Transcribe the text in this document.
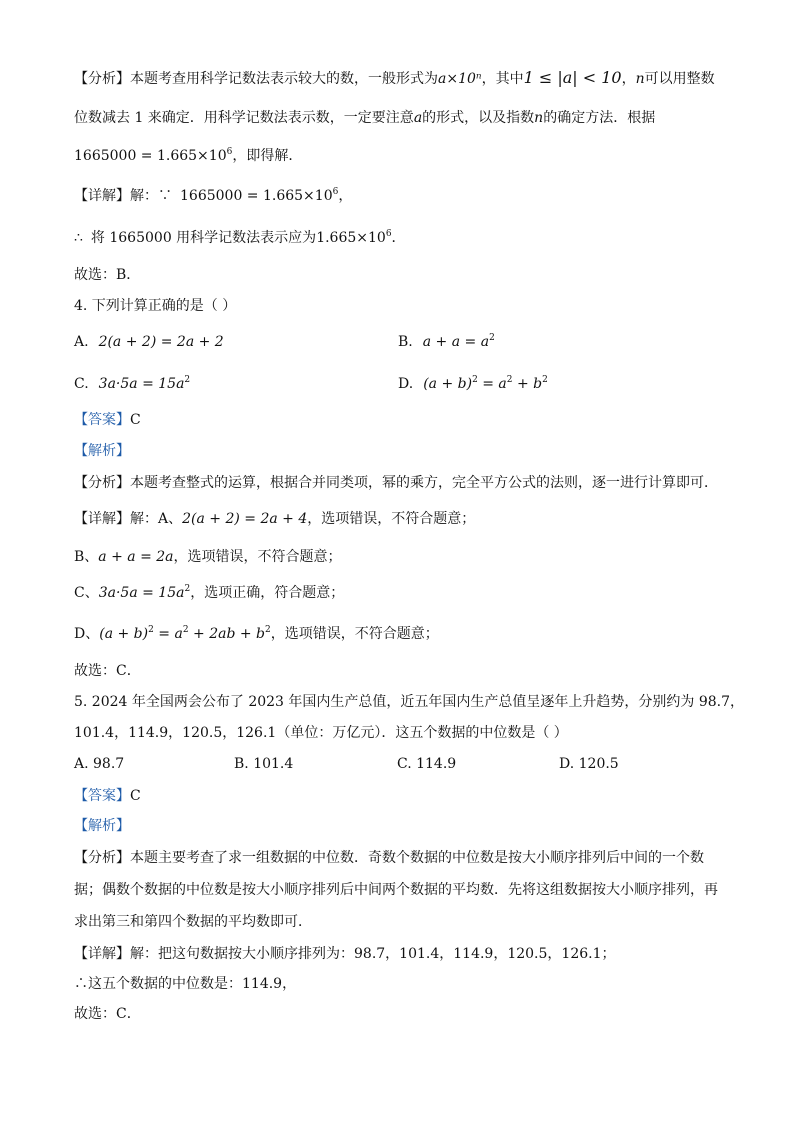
【分析】本题考查用科学记数法表示较大的数，一般形式为a×10ⁿ，其中1 ≤ |a| < 10，n可以用整数
位数减去 1 来确定．用科学记数法表示数，一定要注意a的形式，以及指数n的确定方法．根据
$1665000 = 1.665\times 10^6$，即得解．
【详解】解：∵ $1665000 = 1.665\times 10^6$，
∴ 将 1665000 用科学记数法表示应为$1.665\times 10^6$．
故选：B．
4. 下列计算正确的是（ ）
A. 2(a + 2) = 2a + 2	B. $a + a = a^2$
C. $3a\cdot 5a = 15a^2$	D. $(a + b)^2 = a^2 + b^2$
【答案】C
【解析】
【分析】本题考查整式的运算，根据合并同类项，幂的乘方，完全平方公式的法则，逐一进行计算即可．
【详解】解：A、2(a + 2) = 2a + 4，选项错误，不符合题意；
B、a + a = 2a，选项错误，不符合题意；
C、$3a\cdot 5a = 15a^2$，选项正确，符合题意；
D、$(a + b)^2 = a^2 + 2ab + b^2$，选项错误，不符合题意；
故选：C．
5. 2024 年全国两会公布了 2023 年国内生产总值，近五年国内生产总值呈逐年上升趋势，分别约为 98.7，
101.4，114.9，120.5，126.1（单位：万亿元）．这五个数据的中位数是（ ）
A. 98.7	B. 101.4	C. 114.9	D. 120.5
【答案】C
【解析】
【分析】本题主要考查了求一组数据的中位数．奇数个数据的中位数是按大小顺序排列后中间的一个数
据；偶数个数据的中位数是按大小顺序排列后中间两个数据的平均数．先将这组数据按大小顺序排列，再
求出第三和第四个数据的平均数即可．
【详解】解：把这句数据按大小顺序排列为：98.7，101.4，114.9，120.5，126.1；
∴这五个数据的中位数是：114.9，
故选：C．
